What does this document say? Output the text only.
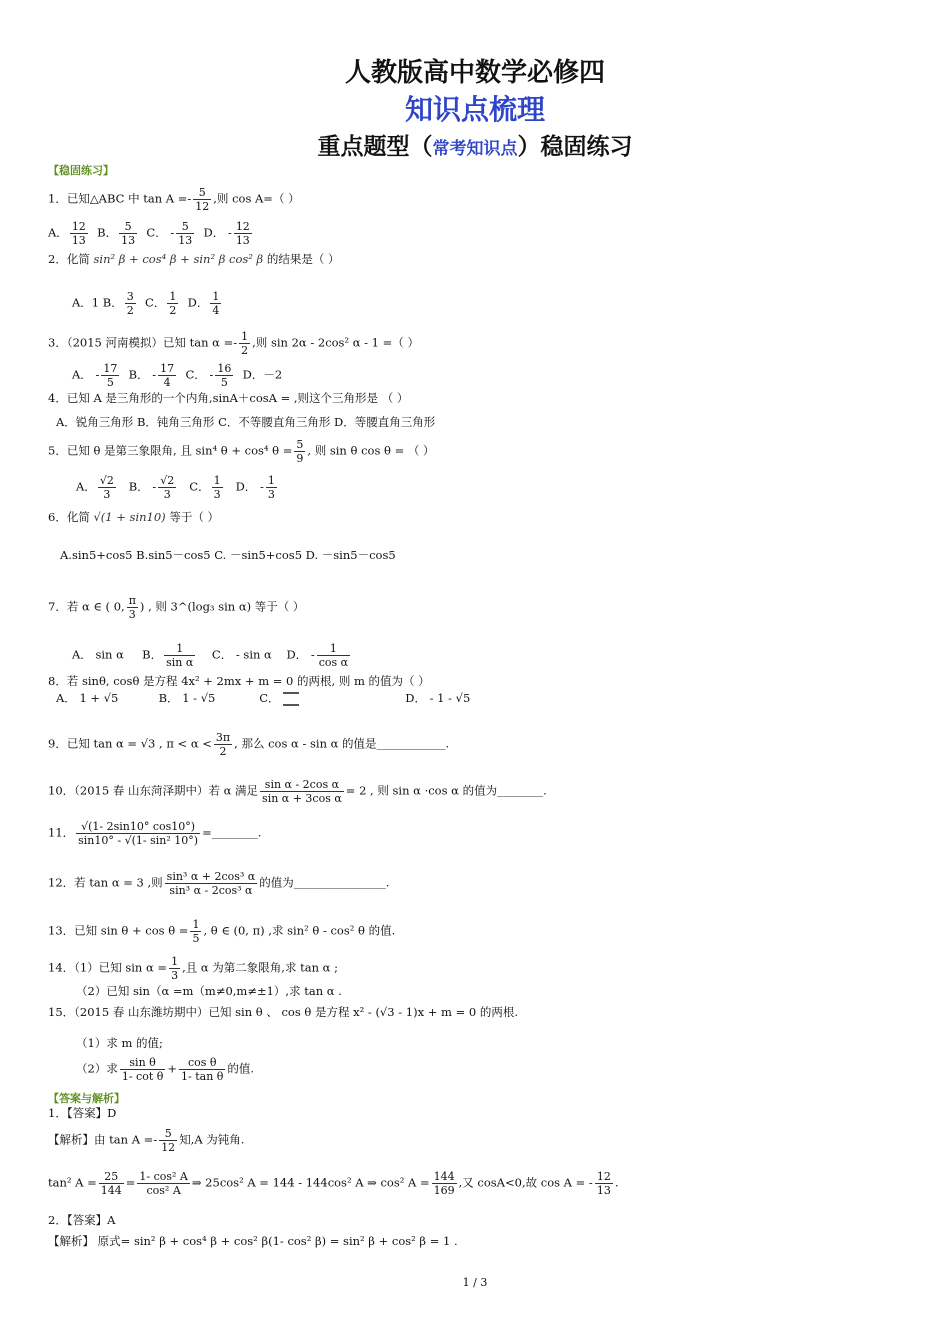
人教版高中数学必修四
知识点梳理
重点题型（常考知识点）稳固练习
【稳固练习】
1．已知△ABC 中 $\tan A =- \frac{5}{12}$ ,则 cos A=（ ）
A． $\frac{12}{13}$ B． $\frac{5}{13}$ C． - $\frac{5}{13}$ D． - $\frac{12}{13}$
2．化简 sin² β + cos⁴ β + sin² β cos² β 的结果是（ ）
A．1 B． $\frac{3}{2}$ C． $\frac{1}{2}$ D． $\frac{1}{4}$
3．（2015 河南模拟）已知 $\tan \alpha =- \frac{1}{2}$ ,则 sin 2α - 2cos² α - 1 =（ ）
A． - $\frac{17}{5}$ B． - $\frac{17}{4}$ C． - $\frac{16}{5}$ D．－2
4．已知 A 是三角形的一个内角,sinA＋cosA = ,则这个三角形是 （ ）
A．锐角三角形 B．钝角三角形 C．不等腰直角三角形 D．等腰直角三角形
5．已知 θ 是第三象限角, 且 sin⁴ θ + cos⁴ $\theta = \frac{5}{9}$ , 则 sin θ cos θ = （ ）
A． $\frac{√2}{3}$ B． - $\frac{√2}{3}$ C． $\frac{1}{3}$ D． - $\frac{1}{3}$
6．化简 √(1 + sin10) 等于（ ）
A.sin5+cos5 B.sin5－cos5 C. －sin5+cos5 D. －sin5－cos5
7．若 α ∈ ( 0, $\frac{\pi}{3}$ ) , 则 3^(log₃ sin α) 等于（ ）
A． sin α B． $\frac{1}{\text{sin α}}$ C． - sin α D． - $\frac{1}{\text{cos α}}$
8．若 sinθ, cosθ 是方程 4x² + 2mx + m = 0 的两根, 则 m 的值为（ ）
A． 1 + √5	B． 1 - √5	C．	D． - 1 - √5
9．已知 tan α = √3 , $\pi < \alpha < \frac{3\pi}{2}$ , 那么 cos α - sin α 的值是____________.
10．（2015 春 山东菏泽期中）若 α 满足 $\frac{\text{sin α - 2cos α}}{\text{sin α + 3cos α}} = 2$ , 则 sin α ·cos α 的值为________.
11． $\frac{√(1- 2\sin 10^\circ \cos 10^\circ)}{\text{sin10° - √(1- sin² 10°)}}$ =________.
12．若 tan α = 3 ,则 $\frac{\text{sin³ α + 2cos³ α}}{\text{sin³ α - 2cos³ α}}$ 的值为________________.
13．已知 $\sin \theta + \cos \theta = \frac{1}{5}$ , θ ∈ (0, π) ,求 sin² θ - cos² θ 的值.
14．（1）已知 $\sin \alpha = \frac{1}{3}$ ,且 α 为第二象限角,求 tan α ;
（2）已知 sin（α =m（m≠0,m≠±1）,求 tan α .
15．（2015 春 山东潍坊期中）已知 sin θ 、 cos θ 是方程 x² - (√3 - 1)x + m = 0 的两根.
（1）求 m 的值;
（2）求 $\frac{\text{sin θ}}{\text{1- cot θ}} + \frac{\text{cos θ}}{\text{1- tan θ}}$ 的值.
【答案与解析】
1．【答案】D
【解析】由 $\tan A =- \frac{5}{12}$ 知,A 为钝角.
tan² $A = \frac{25}{144} = \frac{\text{1- cos² A}}{\text{cos² A}}$ ⇒ 25cos² A = 144 - 144cos² A ⇒ cos² $A = \frac{144}{169}$ ,又 cosA<0,故 cos A = - $\frac{12}{13}$ .
2．【答案】A
【解析】 原式= sin² β + cos⁴ β + cos² β(1- cos² β) = sin² β + cos² β = 1 .
1 / 3
